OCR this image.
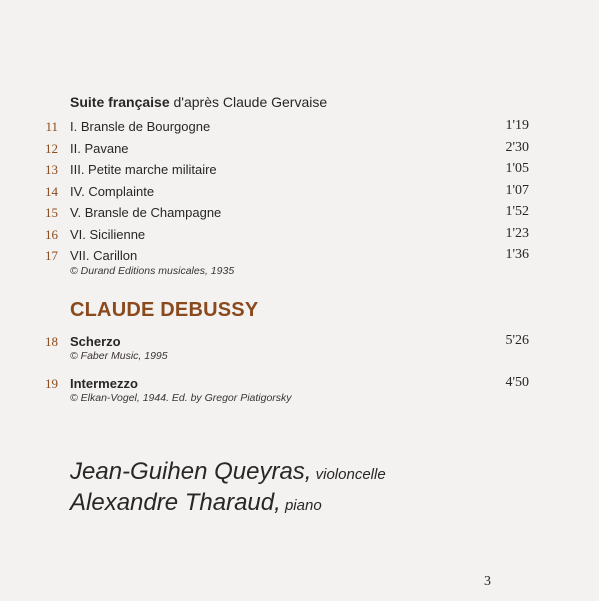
Suite française d'après Claude Gervaise
11 I. Bransle de Bourgogne	1'19
12 II. Pavane	2'30
13 III. Petite marche militaire	1'05
14 IV. Complainte	1'07
15 V. Bransle de Champagne	1'52
16 VI. Sicilienne	1'23
17 VII. Carillon	1'36
© Durand Editions musicales, 1935
CLAUDE DEBUSSY
18 Scherzo	5'26
© Faber Music, 1995
19 Intermezzo	4'50
© Elkan-Vogel, 1944. Ed. by Gregor Piatigorsky
Jean-Guihen Queyras, violoncelle
Alexandre Tharaud, piano
3
